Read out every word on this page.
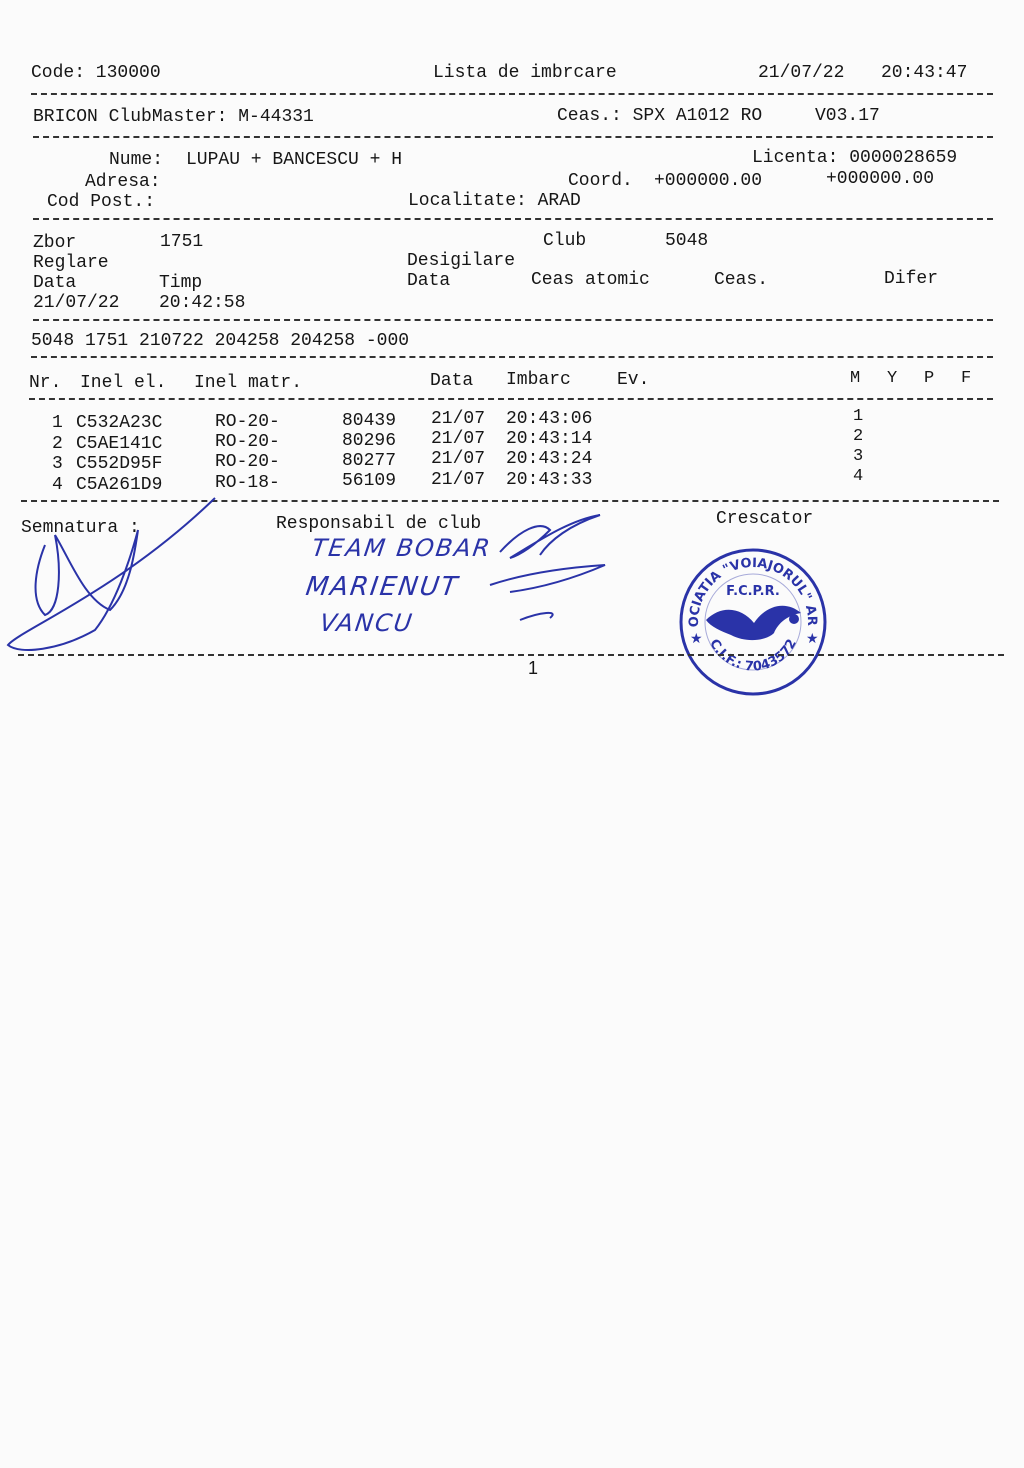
Code: 130000	Lista de imbrcare	21/07/22 20:43:47
BRICON ClubMaster: M-44331	Ceas.: SPX A1012 RO	V03.17
Nume: LUPAU + BANCESCU + H	Licenta: 0000028659
Adresa:	Coord. +000000.00	+000000.00
Cod Post.:	Localitate: ARAD
Zbor	1751	Club	5048
Reglare	Desigilare
Data	Timp	Data	Ceas atomic	Ceas.	Difer
21/07/22 20:42:58
5048 1751 210722 204258 204258 -000
Nr. Inel el. Inel matr.	Data Imbarc	Ev.	M Y P F
1 C532A23C	RO-20-	80439 21/07 20:43:06	1
2 C5AE141C	RO-20-	80296 21/07 20:43:14	2
3 C552D95F	RO-20-	80277 21/07 20:43:24	3
4 C5A261D9	RO-18-	56109 21/07 20:43:33	4
Semnatura :	Responsabil de club	Crescator
TEAM BOBAR
MARIENUT
VANCU
ASOCIATIA "VOIAJORUL" ARAD
F.C.P.R.
★	★
C.I.F.: 7043572
1
